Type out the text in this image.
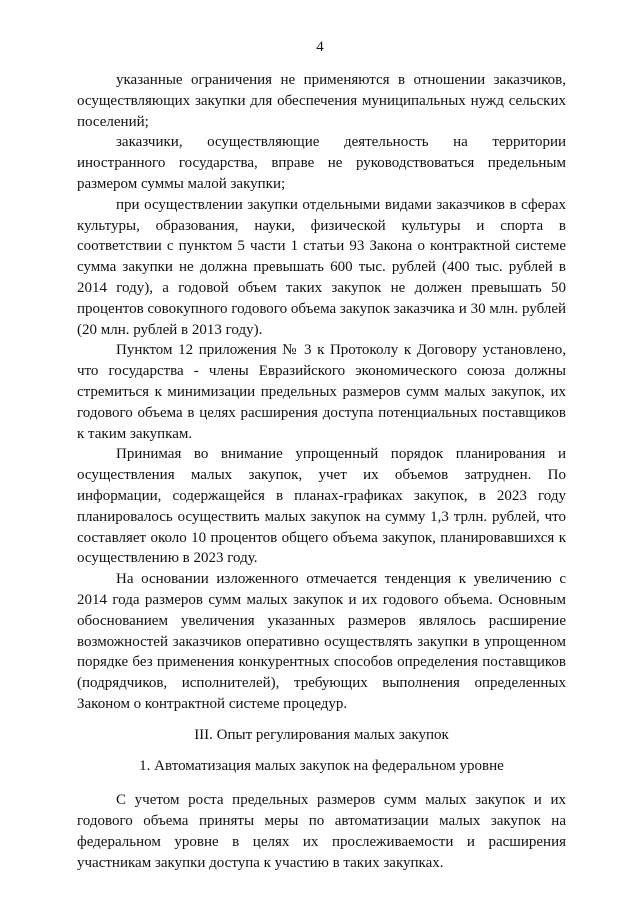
4

указанные ограничения не применяются в отношении заказчиков, осуществляющих закупки для обеспечения муниципальных нужд сельских поселений;

заказчики, осуществляющие деятельность на территории иностранного государства, вправе не руководствоваться предельным размером суммы малой закупки;

при осуществлении закупки отдельными видами заказчиков в сферах культуры, образования, науки, физической культуры и спорта в соответствии с пунктом 5 части 1 статьи 93 Закона о контрактной системе сумма закупки не должна превышать 600 тыс. рублей (400 тыс. рублей в 2014 году), а годовой объем таких закупок не должен превышать 50 процентов совокупного годового объема закупок заказчика и 30 млн. рублей (20 млн. рублей в 2013 году).

Пунктом 12 приложения № 3 к Протоколу к Договору установлено, что государства - члены Евразийского экономического союза должны стремиться к минимизации предельных размеров сумм малых закупок, их годового объема в целях расширения доступа потенциальных поставщиков к таким закупкам.

Принимая во внимание упрощенный порядок планирования и осуществления малых закупок, учет их объемов затруднен. По информации, содержащейся в планах-графиках закупок, в 2023 году планировалось осуществить малых закупок на сумму 1,3 трлн. рублей, что составляет около 10 процентов общего объема закупок, планировавшихся к осуществлению в 2023 году.

На основании изложенного отмечается тенденция к увеличению с 2014 года размеров сумм малых закупок и их годового объема. Основным обоснованием увеличения указанных размеров являлось расширение возможностей заказчиков оперативно осуществлять закупки в упрощенном порядке без применения конкурентных способов определения поставщиков (подрядчиков, исполнителей), требующих выполнения определенных Законом о контрактной системе процедур.

III. Опыт регулирования малых закупок

1. Автоматизация малых закупок на федеральном уровне

С учетом роста предельных размеров сумм малых закупок и их годового объема приняты меры по автоматизации малых закупок на федеральном уровне в целях их прослеживаемости и расширения участникам закупки доступа к участию в таких закупках.
